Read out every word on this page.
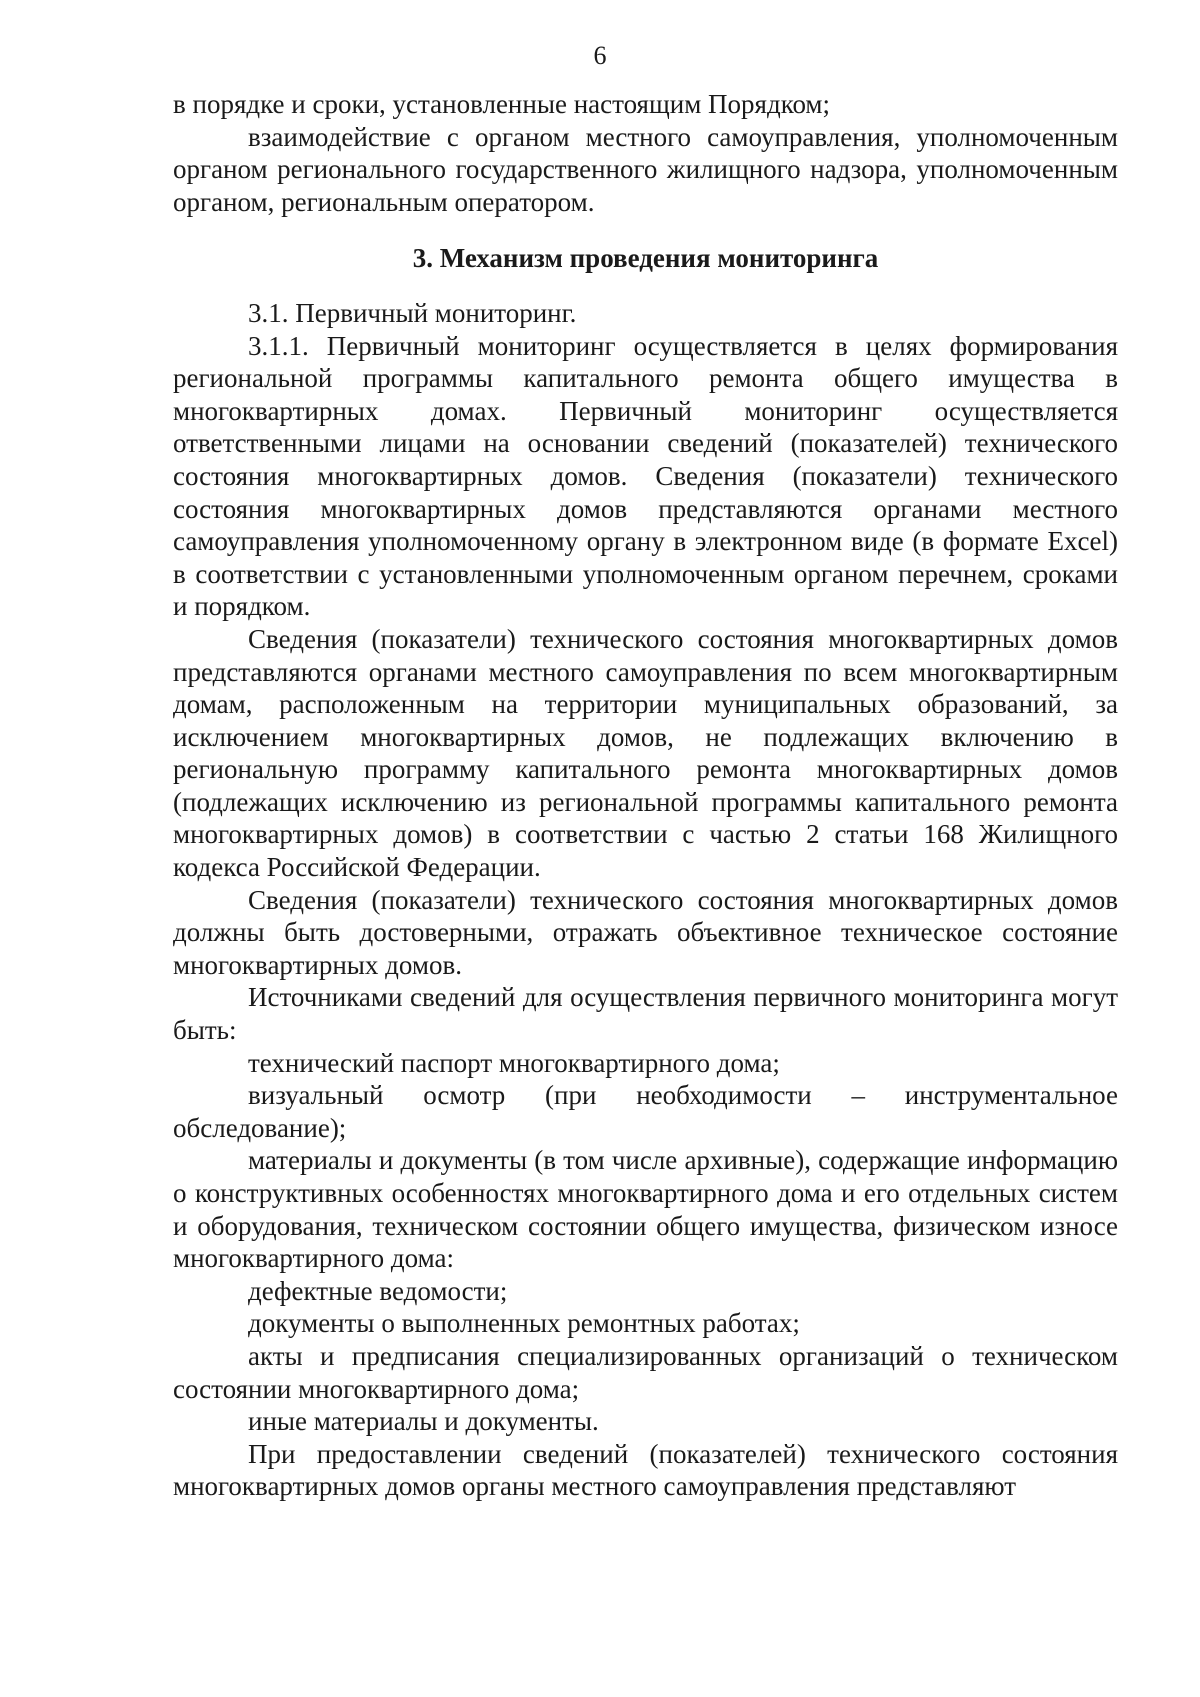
6

в порядке и сроки, установленные настоящим Порядком;

взаимодействие с органом местного самоуправления, уполномоченным органом регионального государственного жилищного надзора, уполномоченным органом, региональным оператором.

3. Механизм проведения мониторинга

3.1. Первичный мониторинг.

3.1.1. Первичный мониторинг осуществляется в целях формирования региональной программы капитального ремонта общего имущества в многоквартирных домах. Первичный мониторинг осуществляется ответственными лицами на основании сведений (показателей) технического состояния многоквартирных домов. Сведения (показатели) технического состояния многоквартирных домов представляются органами местного самоуправления уполномоченному органу в электронном виде (в формате Excel) в соответствии с установленными уполномоченным органом перечнем, сроками и порядком.

Сведения (показатели) технического состояния многоквартирных домов представляются органами местного самоуправления по всем многоквартирным домам, расположенным на территории муниципальных образований, за исключением многоквартирных домов, не подлежащих включению в региональную программу капитального ремонта многоквартирных домов (подлежащих исключению из региональной программы капитального ремонта многоквартирных домов) в соответствии с частью 2 статьи 168 Жилищного кодекса Российской Федерации.

Сведения (показатели) технического состояния многоквартирных домов должны быть достоверными, отражать объективное техническое состояние многоквартирных домов.

Источниками сведений для осуществления первичного мониторинга могут быть:

технический паспорт многоквартирного дома;

визуальный осмотр (при необходимости – инструментальное обследование);

материалы и документы (в том числе архивные), содержащие информацию о конструктивных особенностях многоквартирного дома и его отдельных систем и оборудования, техническом состоянии общего имущества, физическом износе многоквартирного дома:

дефектные ведомости;

документы о выполненных ремонтных работах;

акты и предписания специализированных организаций о техническом состоянии многоквартирного дома;

иные материалы и документы.

При предоставлении сведений (показателей) технического состояния многоквартирных домов органы местного самоуправления представляют
